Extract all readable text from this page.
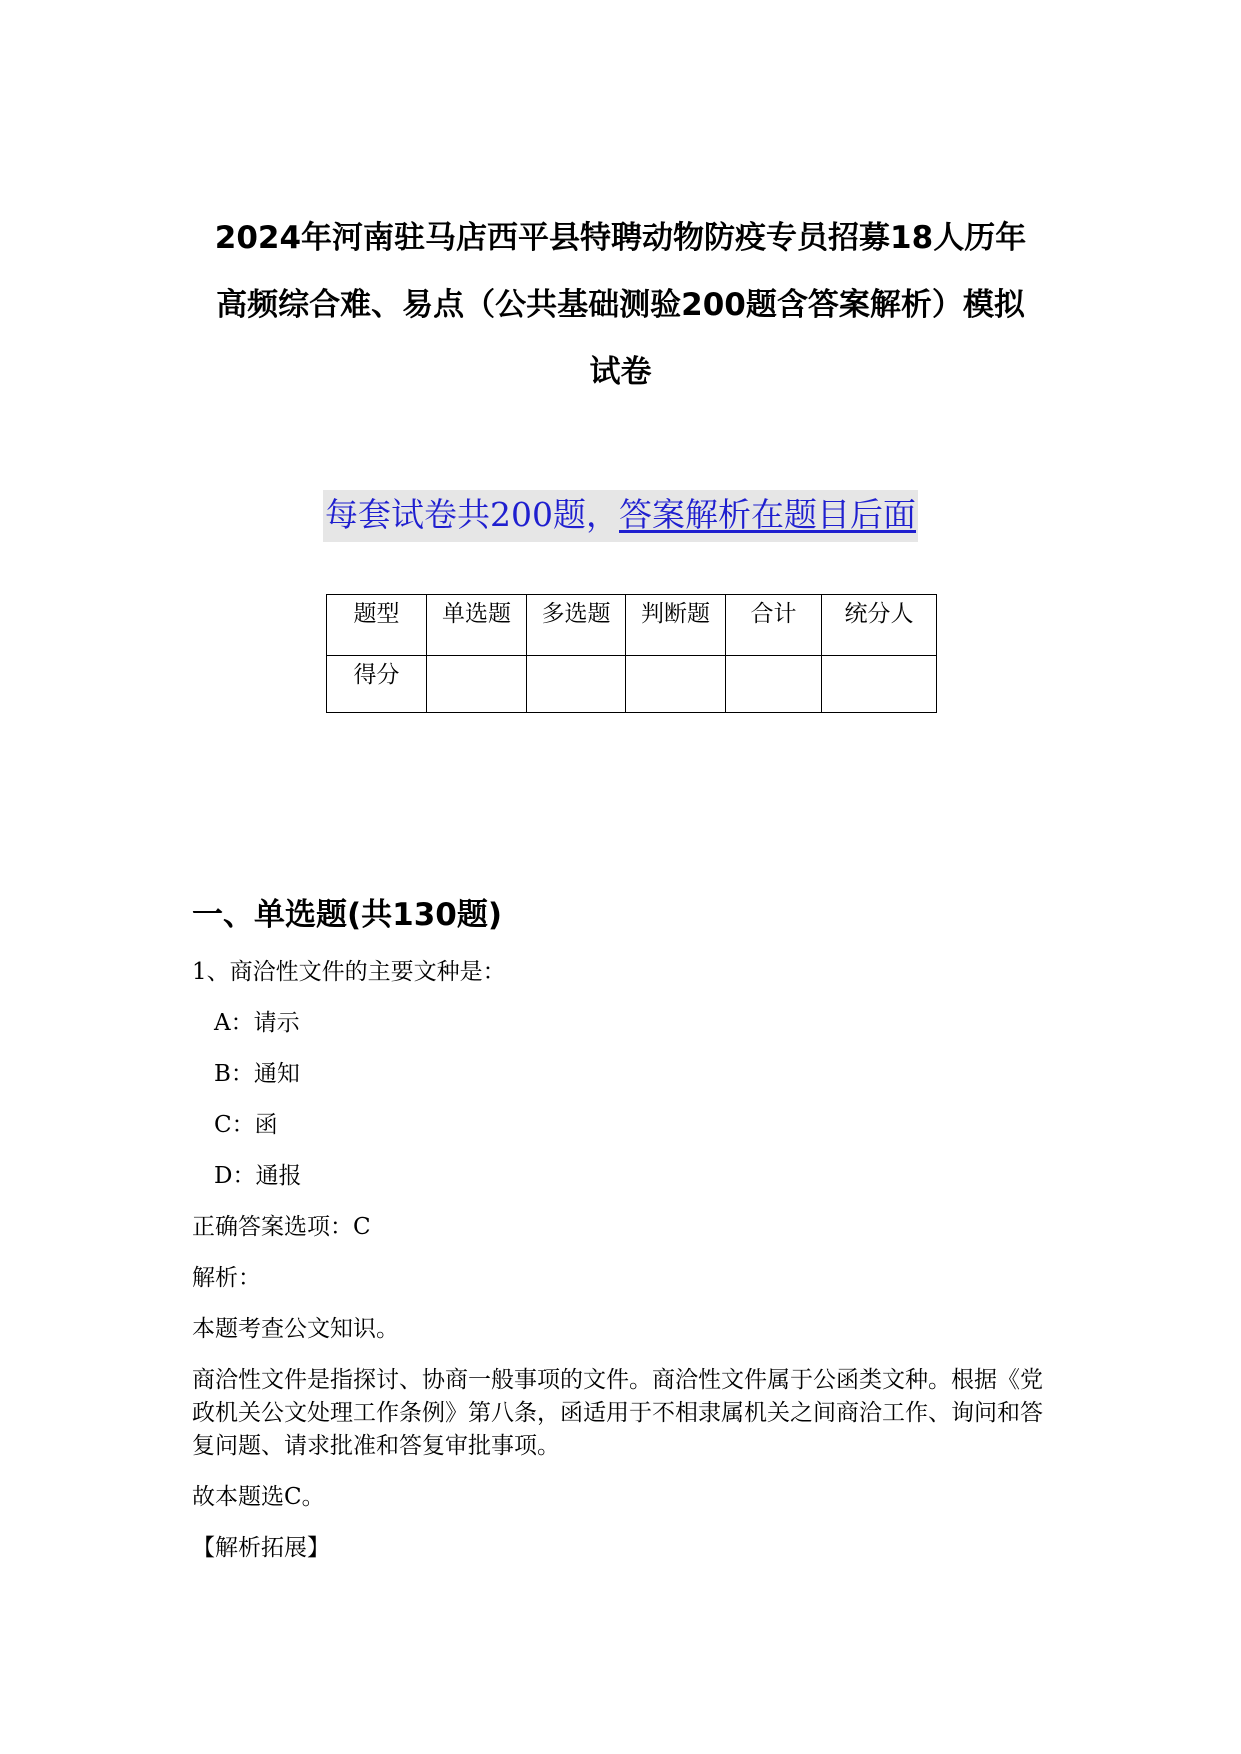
2024年河南驻马店西平县特聘动物防疫专员招募18人历年
高频综合难、易点（公共基础测验200题含答案解析）模拟
试卷
每套试卷共200题，答案解析在题目后面
题型	单选题	多选题	判断题	合计	统分人
得分					
一、单选题(共130题)

1、商洽性文件的主要文种是：

A：请示

B：通知

C：函

D：通报

正确答案选项：C

解析：

本题考查公文知识。

商洽性文件是指探讨、协商一般事项的文件。商洽性文件属于公函类文种。根据《党政机关公文处理工作条例》第八条，函适用于不相隶属机关之间商洽工作、询问和答复问题、请求批准和答复审批事项。

故本题选C。

【解析拓展】
